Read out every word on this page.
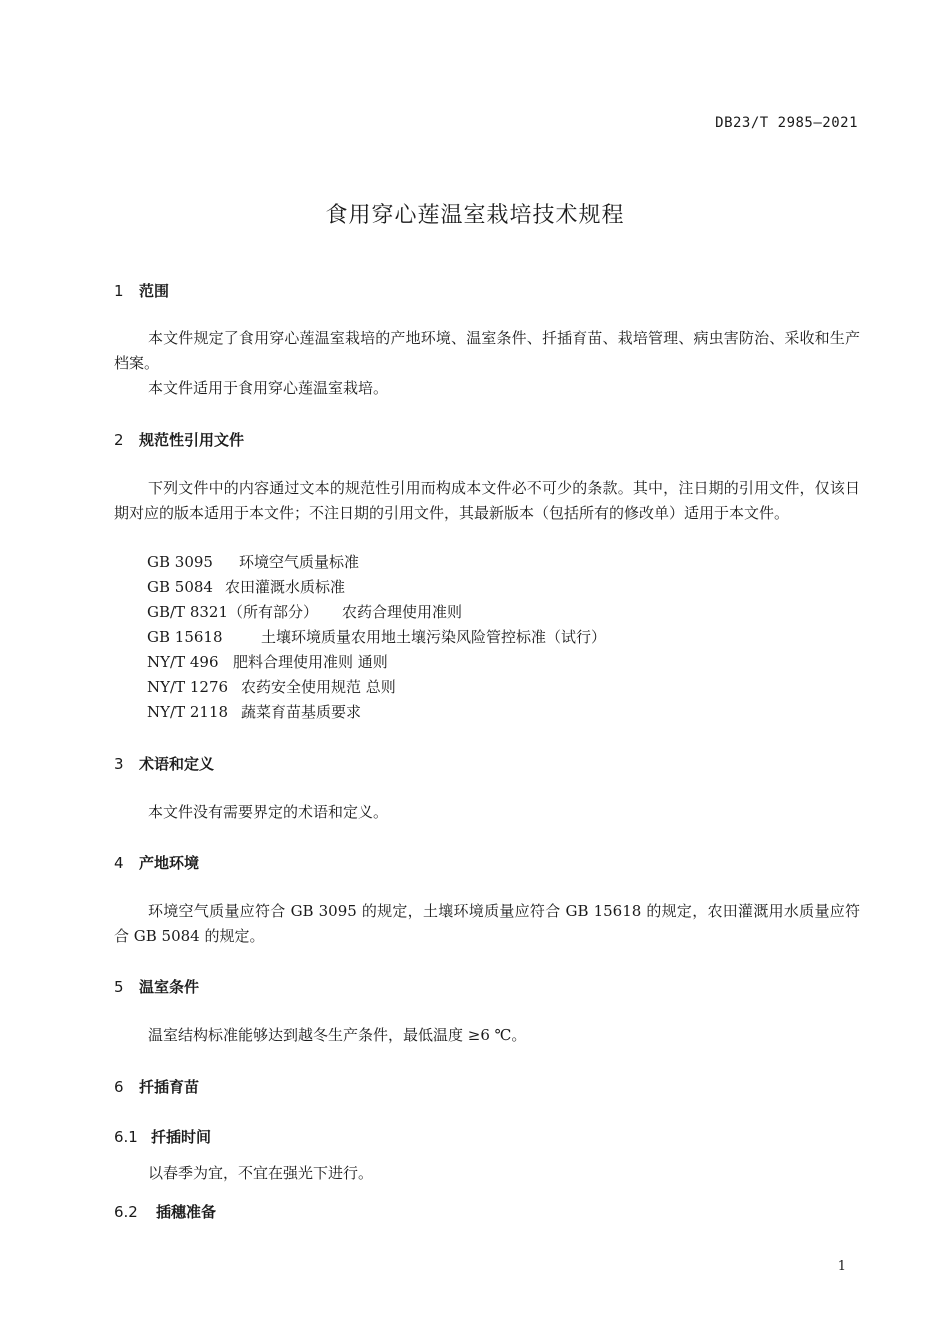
DB23/T 2985—2021
食用穿心莲温室栽培技术规程
1 范围
本文件规定了食用穿心莲温室栽培的产地环境、温室条件、扦插育苗、栽培管理、病虫害防治、采收和生产档案。
本文件适用于食用穿心莲温室栽培。
2 规范性引用文件
下列文件中的内容通过文本的规范性引用而构成本文件必不可少的条款。其中，注日期的引用文件，仅该日期对应的版本适用于本文件；不注日期的引用文件，其最新版本（包括所有的修改单）适用于本文件。
GB 3095 环境空气质量标准
GB 5084 农田灌溉水质标准
GB/T 8321（所有部分） 农药合理使用准则
GB 15618	土壤环境质量农用地土壤污染风险管控标准（试行）
NY/T 496 肥料合理使用准则 通则
NY/T 1276 农药安全使用规范 总则
NY/T 2118 蔬菜育苗基质要求
3 术语和定义
本文件没有需要界定的术语和定义。
4 产地环境
环境空气质量应符合 GB 3095 的规定，土壤环境质量应符合 GB 15618 的规定，农田灌溉用水质量应符合 GB 5084 的规定。
5 温室条件
温室结构标准能够达到越冬生产条件，最低温度 ≥6 ℃。
6 扦插育苗
6.1 扦插时间
以春季为宜，不宜在强光下进行。
6.2 插穗准备
1
